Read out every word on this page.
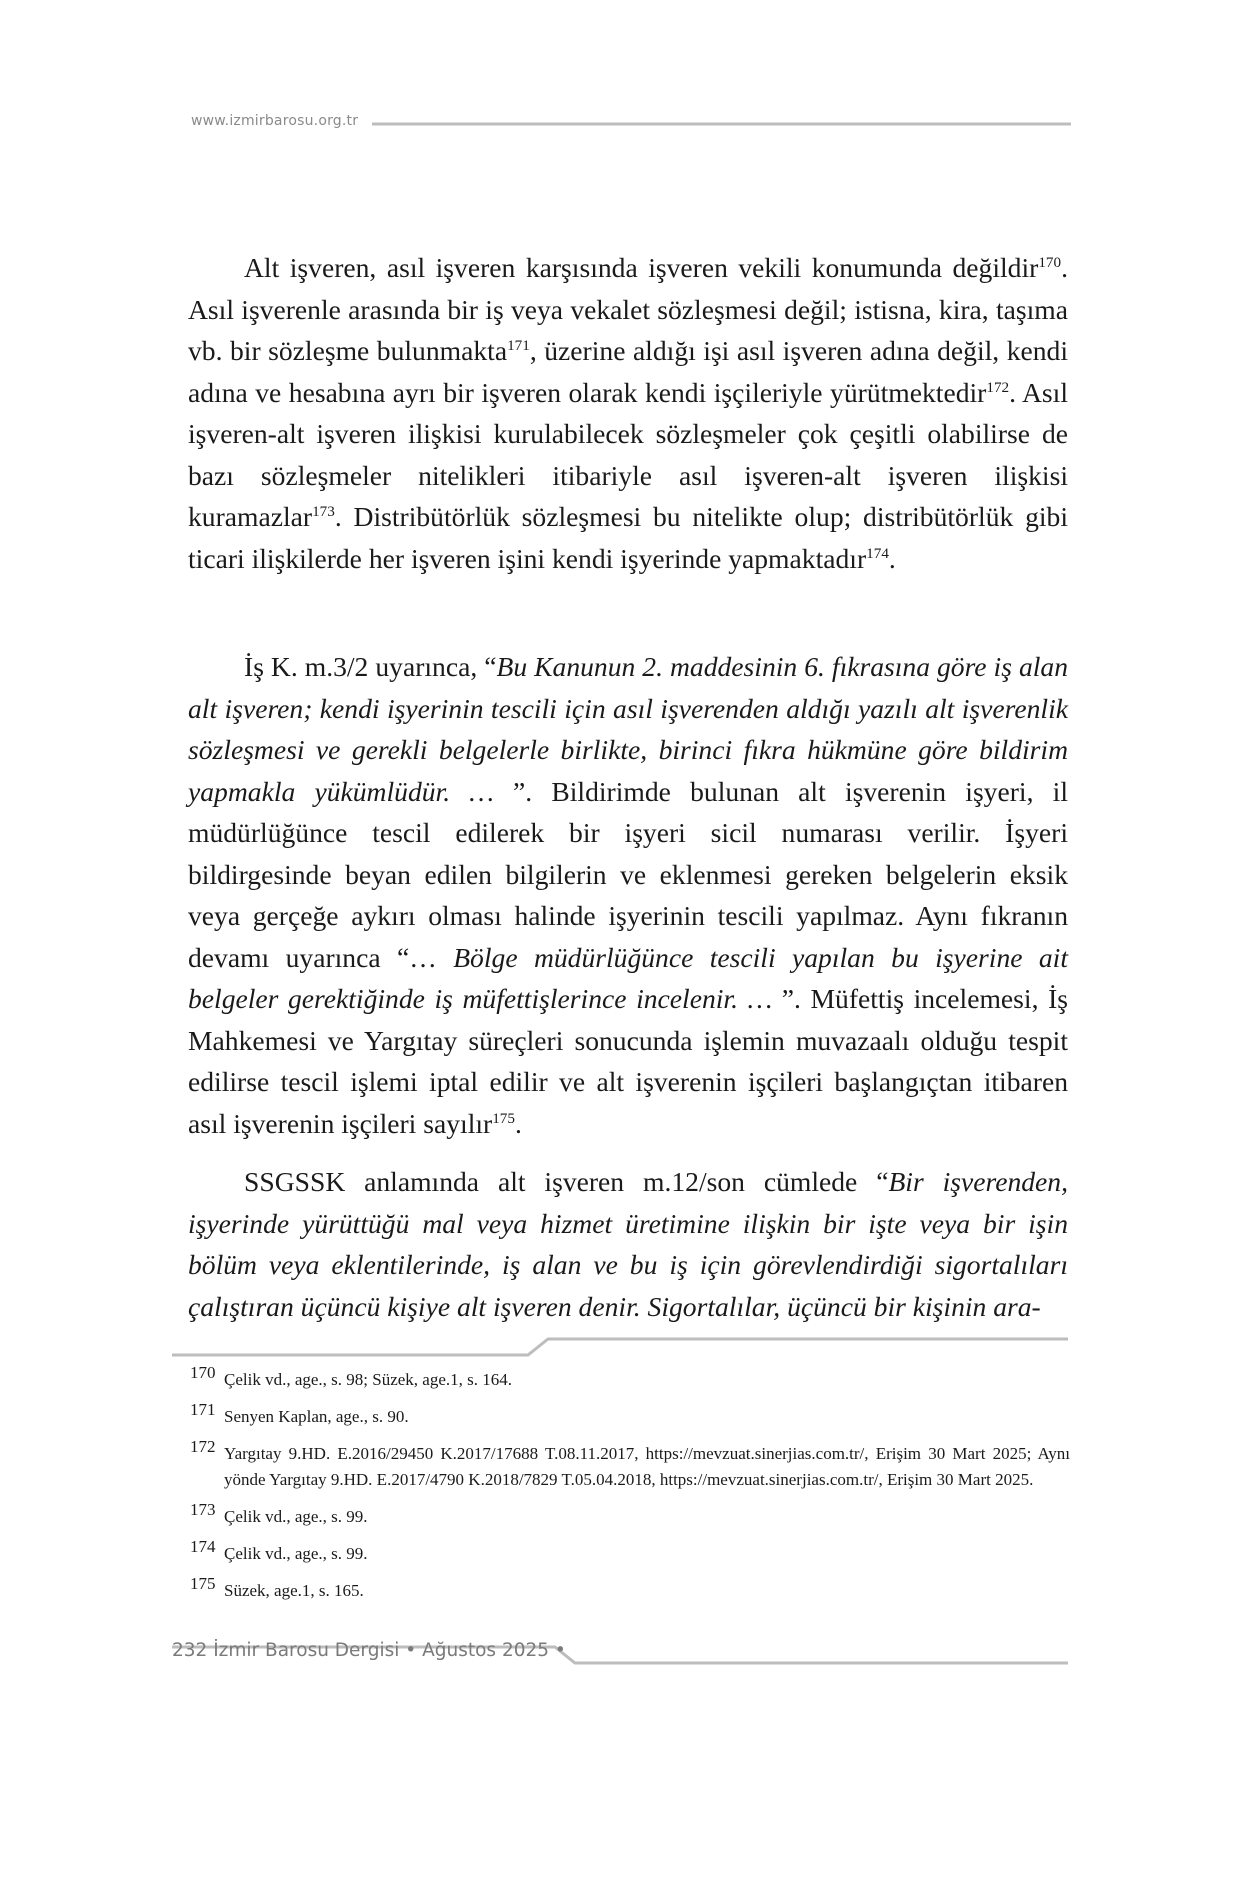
www.izmirbarosu.org.tr

Alt işveren, asıl işveren karşısında işveren vekili konumunda değildir$^{170}$. Asıl işverenle arasında bir iş veya vekalet sözleşmesi değil; istisna, kira, taşıma vb. bir sözleşme bulunmakta$^{171}$, üzerine aldığı işi asıl işveren adına değil, kendi adına ve hesabına ayrı bir işveren olarak kendi işçileriyle yürütmektedir$^{172}$. Asıl işveren-alt işveren ilişkisi kurulabilecek sözleşmeler çok çeşitli olabilirse de bazı sözleşmeler nitelikleri itibariyle asıl işveren-alt işveren ilişkisi kuramazlar$^{173}$. Distribütörlük sözleşmesi bu nitelikte olup; distribütörlük gibi ticari ilişkilerde her işveren işini kendi işyerinde yapmaktadır$^{174}$.

İş K. m.3/2 uyarınca, “Bu Kanunun 2. maddesinin 6. fıkrasına göre iş alan alt işveren; kendi işyerinin tescili için asıl işverenden aldığı yazılı alt işverenlik sözleşmesi ve gerekli belgelerle birlikte, birinci fıkra hükmüne göre bildirim yapmakla yükümlüdür. … ”. Bildirimde bulunan alt işverenin işyeri, il müdürlüğünce tescil edilerek bir işyeri sicil numarası verilir. İşyeri bildirgesinde beyan edilen bilgilerin ve eklenmesi gereken belgelerin eksik veya gerçeğe aykırı olması halinde işyerinin tescili yapılmaz. Aynı fıkranın devamı uyarınca “… Bölge müdürlüğünce tescili yapılan bu işyerine ait belgeler gerektiğinde iş müfettişlerince incelenir. … ”. Müfettiş incelemesi, İş Mahkemesi ve Yargıtay süreçleri sonucunda işlemin muvazaalı olduğu tespit edilirse tescil işlemi iptal edilir ve alt işverenin işçileri başlangıçtan itibaren asıl işverenin işçileri sayılır$^{175}$.

SSGSSK anlamında alt işveren m.12/son cümlede “Bir işverenden, işyerinde yürüttüğü mal veya hizmet üretimine ilişkin bir işte veya bir işin bölüm veya eklentilerinde, iş alan ve bu iş için görevlendirdiği sigortalıları çalıştıran üçüncü kişiye alt işveren denir. Sigortalılar, üçüncü bir kişinin ara-

170 Çelik vd., age., s. 98; Süzek, age.1, s. 164.
171 Senyen Kaplan, age., s. 90.
172 Yargıtay 9.HD. E.2016/29450 K.2017/17688 T.08.11.2017, https://mevzuat.sinerjias.com.tr/, Erişim 30 Mart 2025; Aynı yönde Yargıtay 9.HD. E.2017/4790 K.2018/7829 T.05.04.2018, https://mevzuat.sinerjias.com.tr/, Erişim 30 Mart 2025.
173 Çelik vd., age., s. 99.
174 Çelik vd., age., s. 99.
175 Süzek, age.1, s. 165.
232 İzmir Barosu Dergisi • Ağustos 2025 •
